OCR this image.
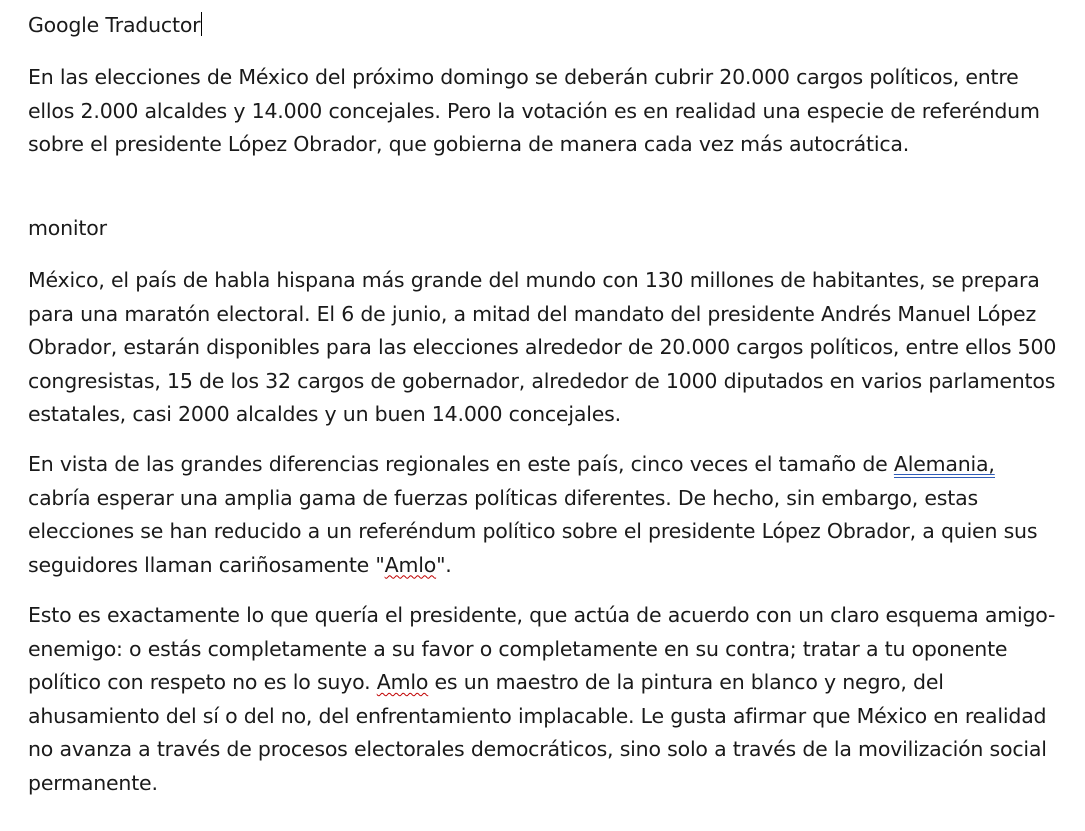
Google Traductor

En las elecciones de México del próximo domingo se deberán cubrir 20.000 cargos políticos, entre ellos 2.000 alcaldes y 14.000 concejales. Pero la votación es en realidad una especie de referéndum sobre el presidente López Obrador, que gobierna de manera cada vez más autocrática.

monitor

México, el país de habla hispana más grande del mundo con 130 millones de habitantes, se prepara para una maratón electoral. El 6 de junio, a mitad del mandato del presidente Andrés Manuel López Obrador, estarán disponibles para las elecciones alrededor de 20.000 cargos políticos, entre ellos 500 congresistas, 15 de los 32 cargos de gobernador, alrededor de 1000 diputados en varios parlamentos estatales, casi 2000 alcaldes y un buen 14.000 concejales.

En vista de las grandes diferencias regionales en este país, cinco veces el tamaño de Alemania, cabría esperar una amplia gama de fuerzas políticas diferentes. De hecho, sin embargo, estas elecciones se han reducido a un referéndum político sobre el presidente López Obrador, a quien sus seguidores llaman cariñosamente "Amlo".

Esto es exactamente lo que quería el presidente, que actúa de acuerdo con un claro esquema amigo-enemigo: o estás completamente a su favor o completamente en su contra; tratar a tu oponente político con respeto no es lo suyo. Amlo es un maestro de la pintura en blanco y negro, del ahusamiento del sí o del no, del enfrentamiento implacable. Le gusta afirmar que México en realidad no avanza a través de procesos electorales democráticos, sino solo a través de la movilización social permanente.
